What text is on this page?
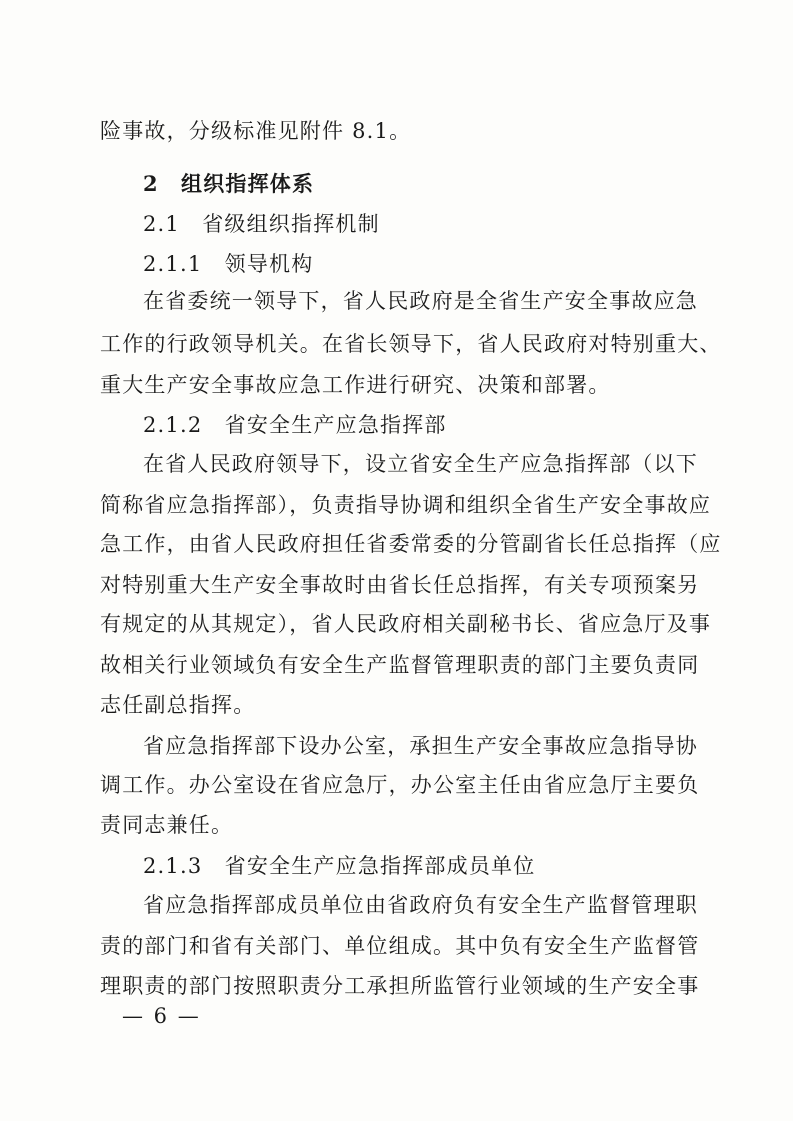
险事故，分级标准见附件 8.1。
2　组织指挥体系
2.1　省级组织指挥机制
2.1.1　领导机构
在省委统一领导下，省人民政府是全省生产安全事故应急
工作的行政领导机关。在省长领导下，省人民政府对特别重大、
重大生产安全事故应急工作进行研究、决策和部署。
2.1.2　省安全生产应急指挥部
在省人民政府领导下，设立省安全生产应急指挥部（以下
简称省应急指挥部），负责指导协调和组织全省生产安全事故应
急工作，由省人民政府担任省委常委的分管副省长任总指挥（应
对特别重大生产安全事故时由省长任总指挥，有关专项预案另
有规定的从其规定），省人民政府相关副秘书长、省应急厅及事
故相关行业领域负有安全生产监督管理职责的部门主要负责同
志任副总指挥。
省应急指挥部下设办公室，承担生产安全事故应急指导协
调工作。办公室设在省应急厅，办公室主任由省应急厅主要负
责同志兼任。
2.1.3　省安全生产应急指挥部成员单位
省应急指挥部成员单位由省政府负有安全生产监督管理职
责的部门和省有关部门、单位组成。其中负有安全生产监督管
理职责的部门按照职责分工承担所监管行业领域的生产安全事
— 6 —
